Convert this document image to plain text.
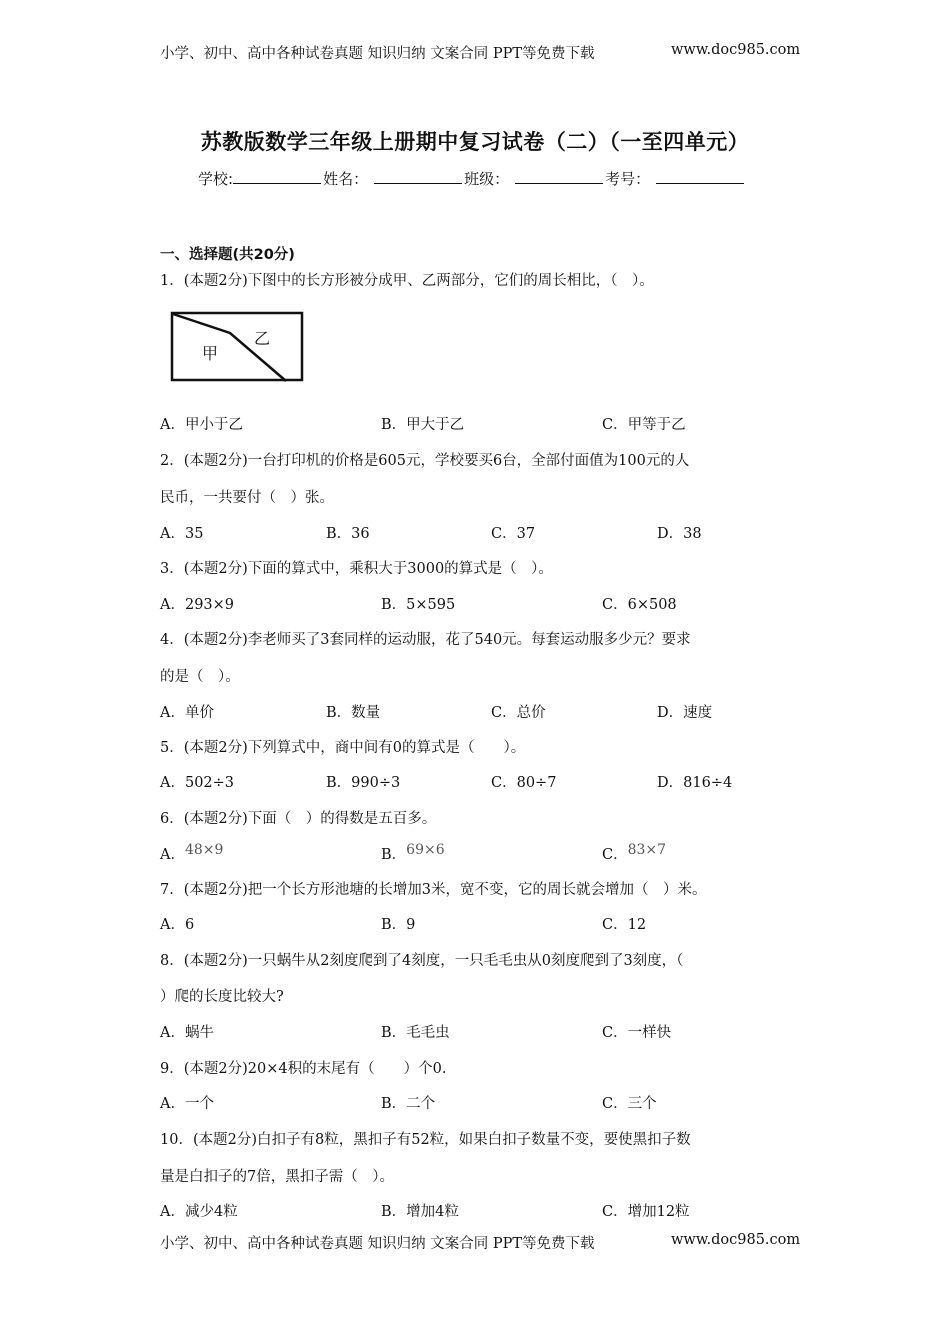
小学、初中、高中各种试卷真题 知识归纳 文案合同 PPT等免费下载	www.doc985.com
苏教版数学三年级上册期中复习试卷（二）（一至四单元）
学校:	姓名：	班级：	考号：
一、选择题(共20分)
1．(本题2分)下图中的长方形被分成甲、乙两部分，它们的周长相比，（　）。
甲
乙
A．甲小于乙	B．甲大于乙	C．甲等于乙
2．(本题2分)一台打印机的价格是605元，学校要买6台，全部付面值为100元的人
民币，一共要付（　）张。
A．35	B．36	C．37	D．38
3．(本题2分)下面的算式中，乘积大于3000的算式是（　）。
A．293×9	B．5×595	C．6×508
4．(本题2分)李老师买了3套同样的运动服，花了540元。每套运动服多少元？要求
的是（　）。
A．单价	B．数量	C．总价	D．速度
5．(本题2分)下列算式中，商中间有0的算式是（　　）。
A．502÷3	B．990÷3	C．80÷7	D．816÷4
6．(本题2分)下面（　）的得数是五百多。
A．48×9	B．69×6	C．83×7
7．(本题2分)把一个长方形池塘的长增加3米，宽不变，它的周长就会增加（　）米。
A．6	B．9	C．12
8．(本题2分)一只蜗牛从2刻度爬到了4刻度，一只毛毛虫从0刻度爬到了3刻度，（
）爬的长度比较大?
A．蜗牛	B．毛毛虫	C．一样快
9．(本题2分)20×4积的末尾有（　　）个0.
A．一个	B．二个	C．三个
10．(本题2分)白扣子有8粒，黑扣子有52粒，如果白扣子数量不变，要使黑扣子数
量是白扣子的7倍，黑扣子需（　）。
A．减少4粒	B．增加4粒	C．增加12粒
小学、初中、高中各种试卷真题 知识归纳 文案合同 PPT等免费下载	www.doc985.com
